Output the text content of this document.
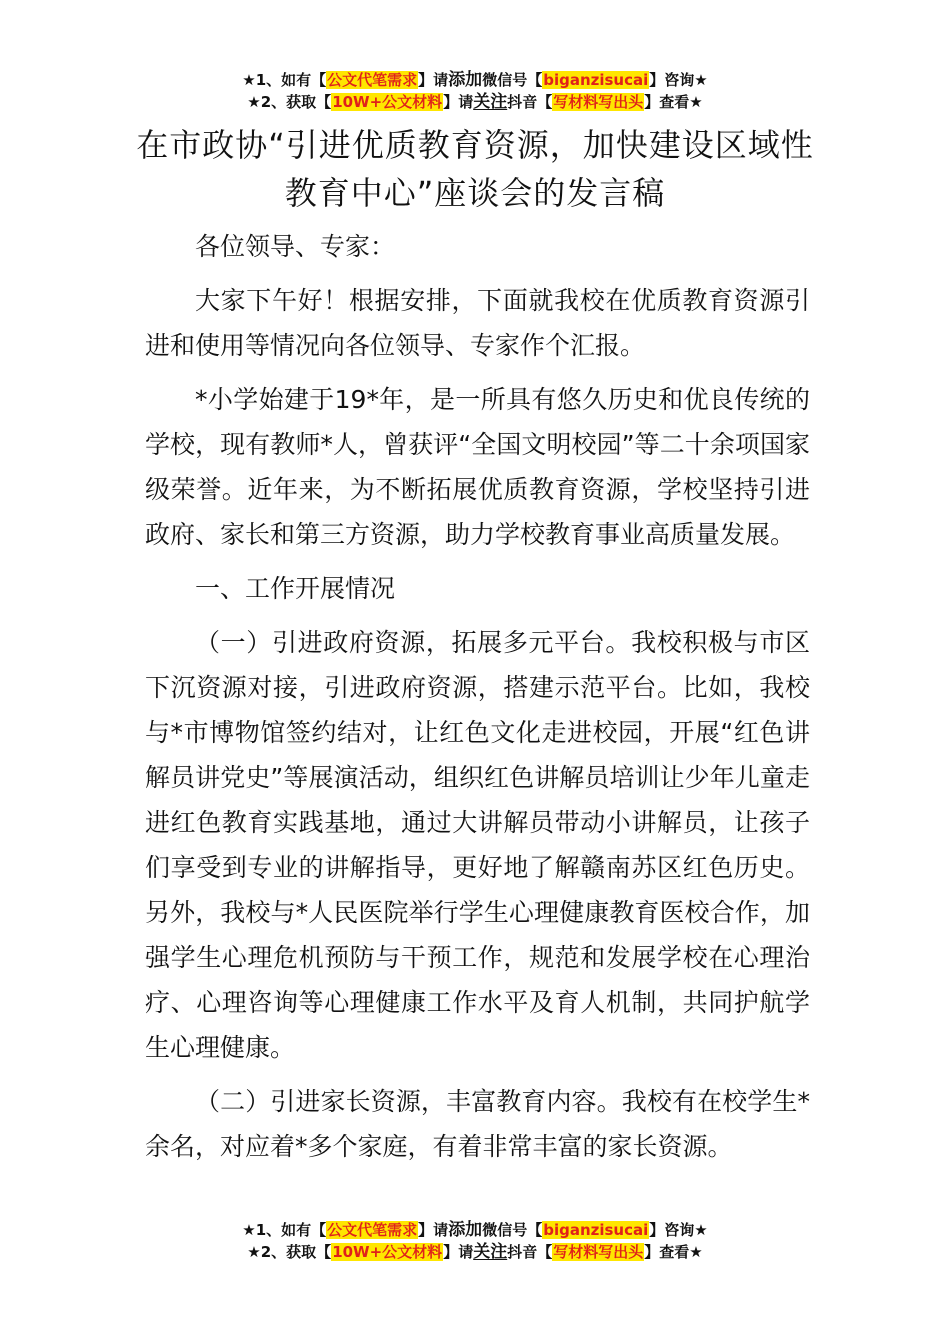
★1、如有【公文代笔需求】请添加微信号【biganzisucai】咨询★
★2、获取【10W+公文材料】请关注抖音【写材料写出头】查看★
在市政协“引进优质教育资源，加快建设区域性教育中心”座谈会的发言稿

各位领导、专家：

大家下午好！根据安排，下面就我校在优质教育资源引进和使用等情况向各位领导、专家作个汇报。

*小学始建于19*年，是一所具有悠久历史和优良传统的学校，现有教师*人，曾获评“全国文明校园”等二十余项国家级荣誉。近年来，为不断拓展优质教育资源，学校坚持引进政府、家长和第三方资源，助力学校教育事业高质量发展。

一、工作开展情况

（一）引进政府资源，拓展多元平台。我校积极与市区下沉资源对接，引进政府资源，搭建示范平台。比如，我校与*市博物馆签约结对，让红色文化走进校园，开展“红色讲解员讲党史”等展演活动，组织红色讲解员培训让少年儿童走进红色教育实践基地，通过大讲解员带动小讲解员，让孩子们享受到专业的讲解指导，更好地了解赣南苏区红色历史。另外，我校与*人民医院举行学生心理健康教育医校合作，加强学生心理危机预防与干预工作，规范和发展学校在心理治疗、心理咨询等心理健康工作水平及育人机制，共同护航学生心理健康。

（二）引进家长资源，丰富教育内容。我校有在校学生*余名，对应着*多个家庭，有着非常丰富的家长资源。

★1、如有【公文代笔需求】请添加微信号【biganzisucai】咨询★
★2、获取【10W+公文材料】请关注抖音【写材料写出头】查看★
